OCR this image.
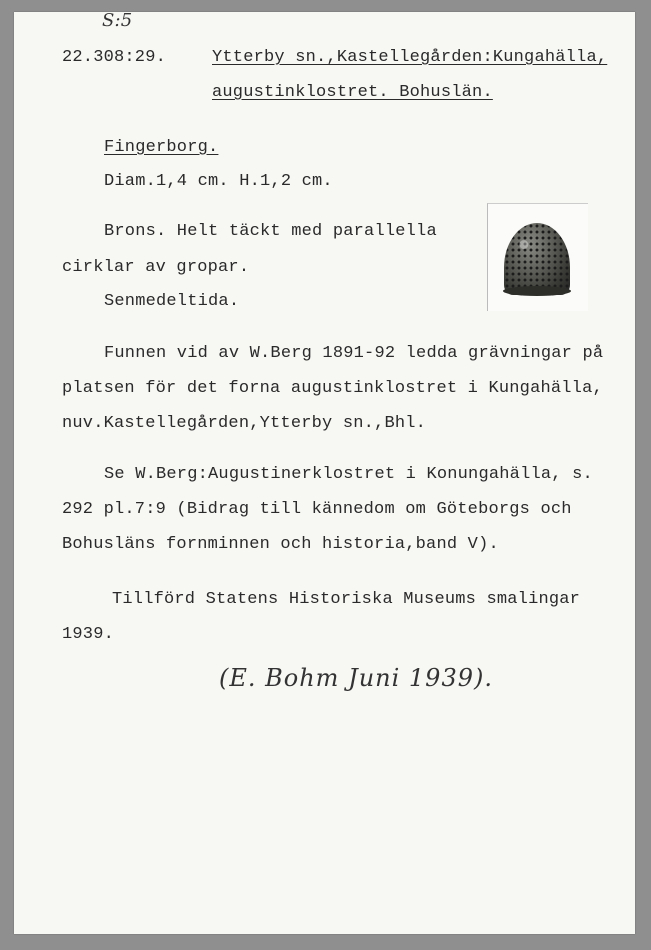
S:5
22.308:29.	Ytterby sn.,Kastellegården:Kungahälla,
augustinklostret. Bohuslän.
Fingerborg.
Diam.1,4 cm. H.1,2 cm.
Brons. Helt täckt med parallella
cirklar av gropar.
Senmedeltida.
Funnen vid av W.Berg 1891-92 ledda grävningar på
platsen för det forna augustinklostret i Kungahälla,
nuv.Kastellegården,Ytterby sn.,Bhl.
Se W.Berg:Augustinerklostret i Konungahälla, s.
292 pl.7:9 (Bidrag till kännedom om Göteborgs och
Bohusläns fornminnen och historia,band V).
Tillförd Statens Historiska Museums smalingar
1939.
(E. Bohm Juni 1939).
